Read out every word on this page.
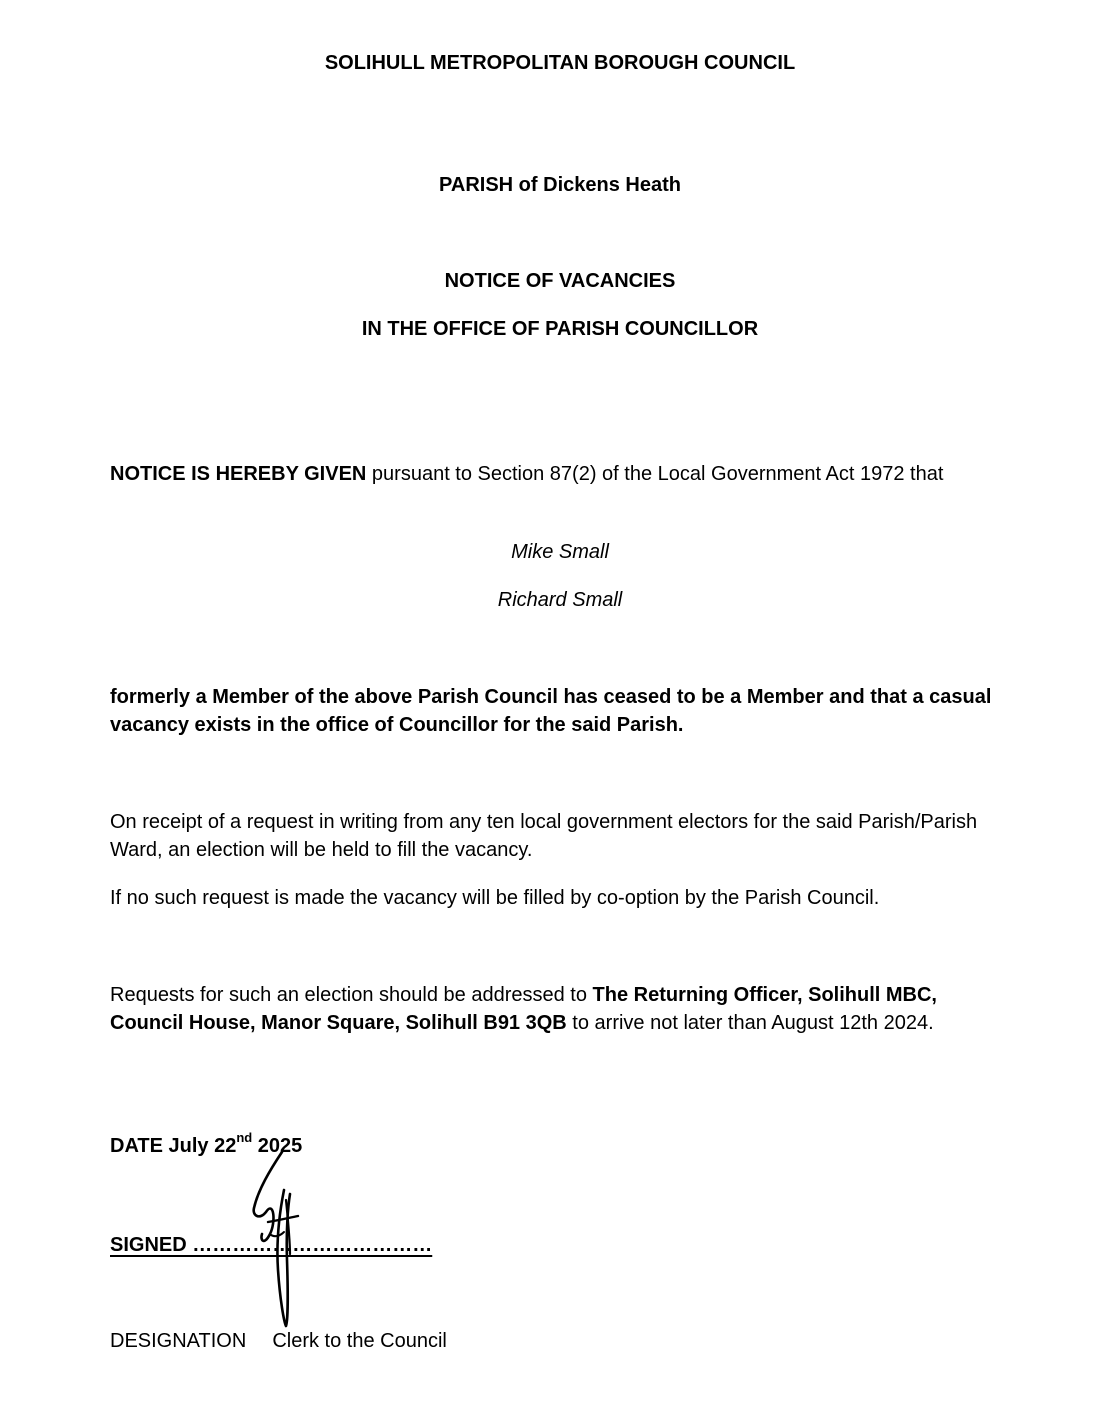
SOLIHULL METROPOLITAN BOROUGH COUNCIL

PARISH of Dickens Heath

NOTICE OF VACANCIES

IN THE OFFICE OF PARISH COUNCILLOR

NOTICE IS HEREBY GIVEN pursuant to Section 87(2) of the Local Government Act 1972 that

Mike Small

Richard Small

formerly a Member of the above Parish Council has ceased to be a Member and that a casual vacancy exists in the office of Councillor for the said Parish.

On receipt of a request in writing from any ten local government electors for the said Parish/Parish Ward, an election will be held to fill the vacancy.

If no such request is made the vacancy will be filled by co-option by the Parish Council.

Requests for such an election should be addressed to The Returning Officer, Solihull MBC, Council House, Manor Square, Solihull B91 3QB to arrive not later than August 12th 2024.

DATE July 22nd 2025

SIGNED ………………………………

DESIGNATION Clerk to the Council
